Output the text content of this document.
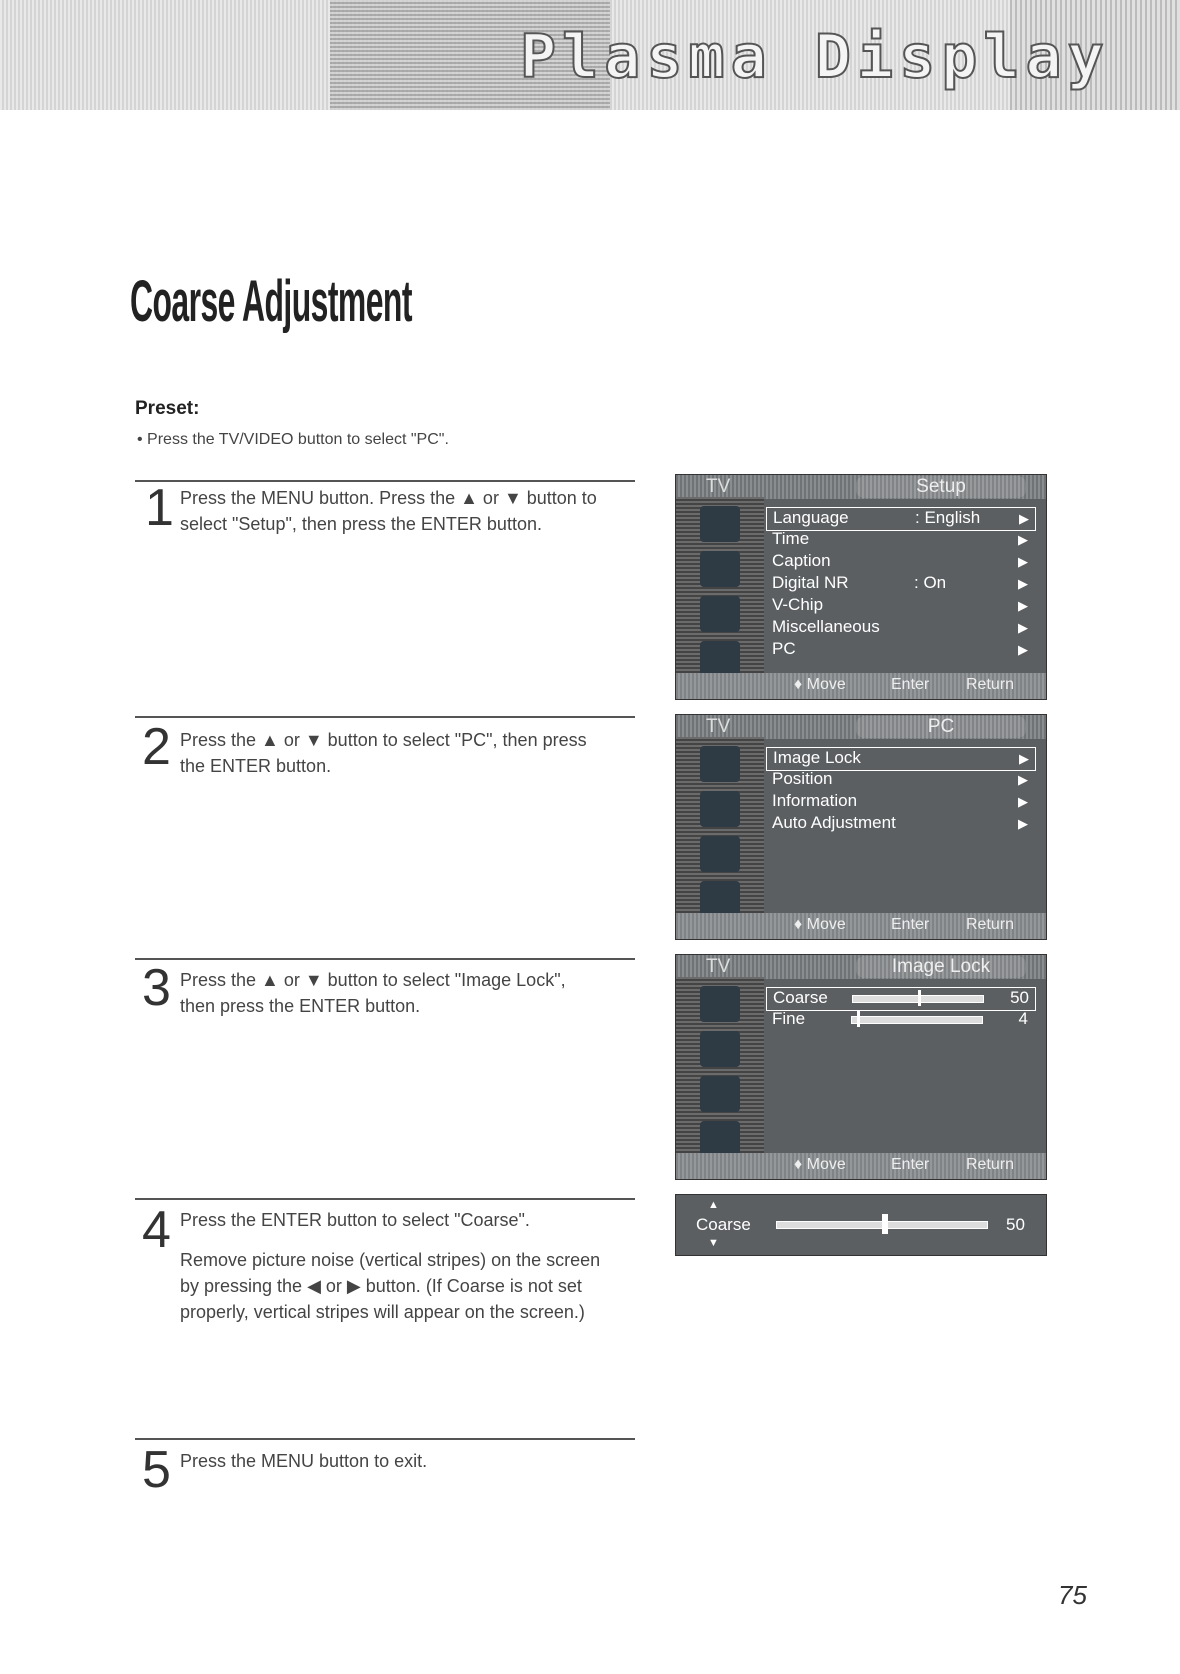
Plasma Display
Coarse Adjustment
Preset:
• Press the TV/VIDEO button to select "PC".
1 Press the MENU button. Press the ▲ or ▼ button to
select "Setup", then press the ENTER button.
2 Press the ▲ or ▼ button to select "PC", then press
the ENTER button.
3 Press the ▲ or ▼ button to select "Image Lock",
then press the ENTER button.
4 Press the ENTER button to select "Coarse".
Remove picture noise (vertical stripes) on the screen
by pressing the ◀ or ▶ button. (If Coarse is not set
properly, vertical stripes will appear on the screen.)
5 Press the MENU button to exit.
TV	Setup
Language	: English	▶
Time	▶
Caption	▶
Digital NR	: On	▶
V-Chip	▶
Miscellaneous	▶
PC	▶
♦ Move	Enter Return
TV	PC
Image Lock	▶
Position	▶
Information	▶
Auto Adjustment	▶
♦ Move	Enter Return
TV	Image Lock
Coarse	50
Fine	4
♦ Move	Enter Return
▲
Coarse
▼
50
75
